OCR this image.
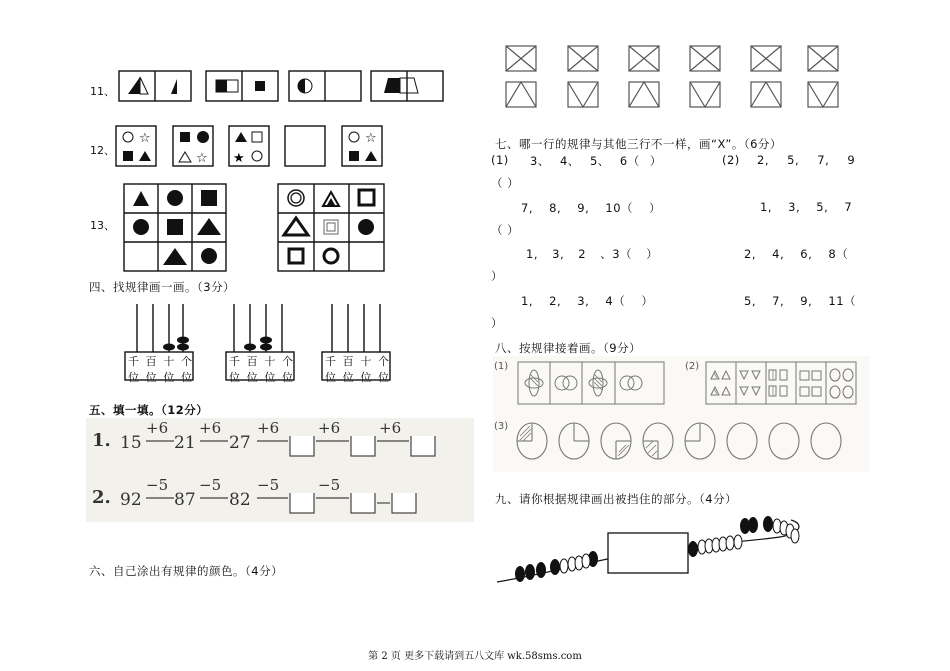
11、
12、
☆
☆ ★
☆
13、
四、找规律画一画。（3分）
千
位
百
位
十
位
个
位
千
位
百
位
十
位
个
位
千
位
百
位
十
位
个
位
五、填一填。（12分）
1. 15
+6
21
+6
27
+6	+6	+6
2. 92
−5
87
−5
82
−5	−5
六、自己涂出有规律的颜色。（4分）
七、哪一行的规律与其他三行不一样，画“X”。（6分）
(1) 3、 4、 5、 6（ ）	(2) 2, 5, 7, 9
（ ）
7, 8, 9, 10（ ）	1, 3, 5, 7
（ ）
1, 3, 2 、3（ ）	2, 4, 6, 8（
）
1, 2, 3, 4（ ）	5, 7, 9, 11（
）
八、按规律接着画。（9分）
(1)	(2)
(3)
九、请你根据规律画出被挡住的部分。（4分）
第 2 页 更多下载请到五八文库 wk.58sms.com
